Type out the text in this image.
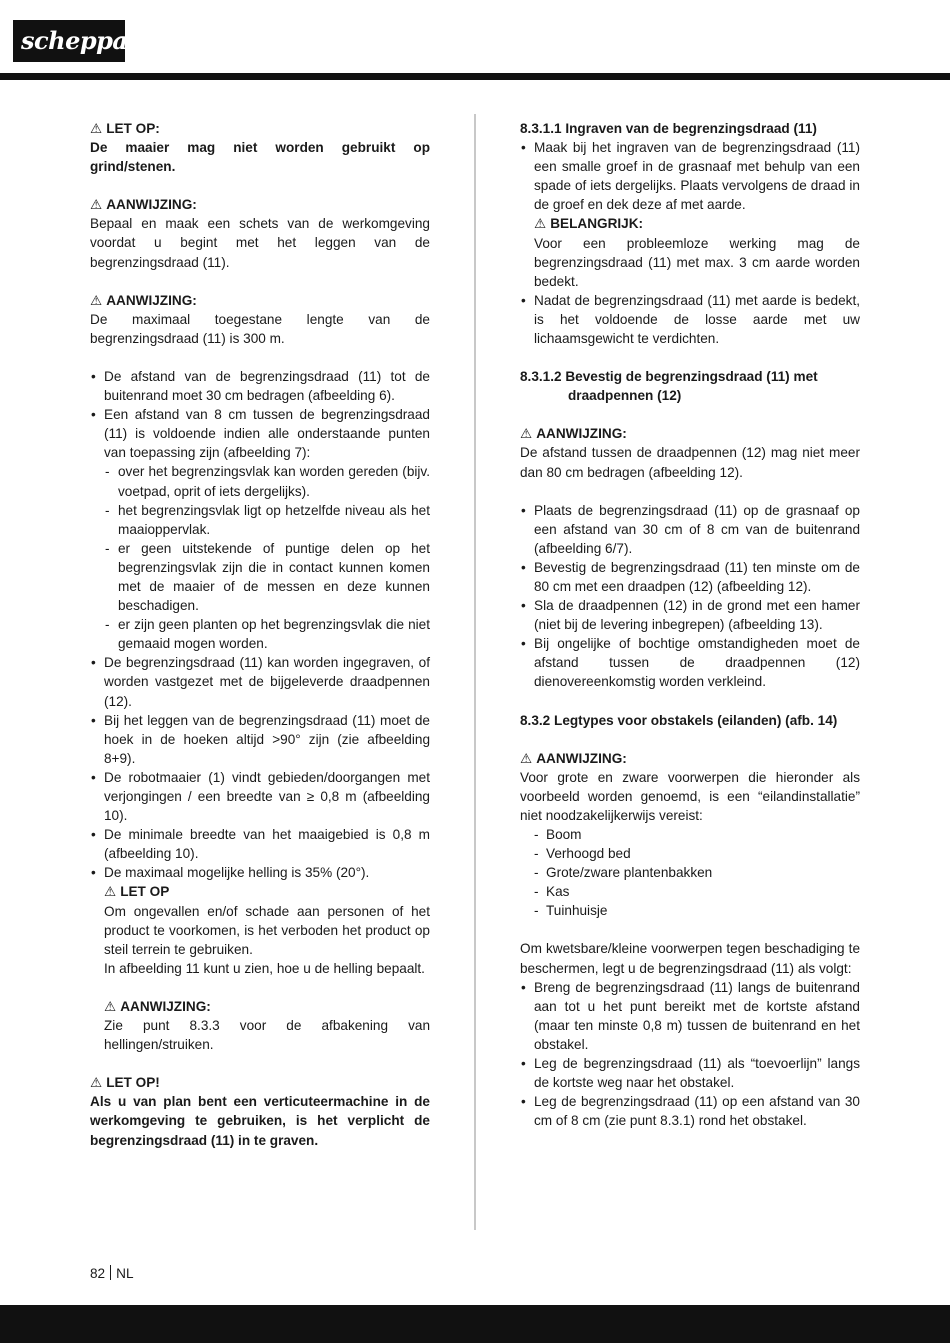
scheppach

⚠ LET OP:

De maaier mag niet worden gebruikt op grind/stenen.

⚠ AANWIJZING:

Bepaal en maak een schets van de werkomgeving voordat u begint met het leggen van de begrenzingsdraad (11).

⚠ AANWIJZING:

De maximaal toegestane lengte van de begrenzingsdraad (11) is 300 m.

• De afstand van de begrenzingsdraad (11) tot de buitenrand moet 30 cm bedragen (afbeelding 6).
• Een afstand van 8 cm tussen de begrenzingsdraad (11) is voldoende indien alle onderstaande punten van toepassing zijn (afbeelding 7):
- over het begrenzingsvlak kan worden gereden (bijv. voetpad, oprit of iets dergelijks).
- het begrenzingsvlak ligt op hetzelfde niveau als het maaioppervlak.
- er geen uitstekende of puntige delen op het begrenzingsvlak zijn die in contact kunnen komen met de maaier of de messen en deze kunnen beschadigen.
- er zijn geen planten op het begrenzingsvlak die niet gemaaid mogen worden.
• De begrenzingsdraad (11) kan worden ingegraven, of worden vastgezet met de bijgeleverde draadpennen (12).
• Bij het leggen van de begrenzingsdraad (11) moet de hoek in de hoeken altijd >90° zijn (zie afbeelding 8+9).
• De robotmaaier (1) vindt gebieden/doorgangen met verjongingen / een breedte van ≥ 0,8 m (afbeelding 10).
• De minimale breedte van het maaigebied is 0,8 m (afbeelding 10).
• De maximaal mogelijke helling is 35% (20°).

⚠ LET OP

Om ongevallen en/of schade aan personen of het product te voorkomen, is het verboden het product op steil terrein te gebruiken.

In afbeelding 11 kunt u zien, hoe u de helling bepaalt.

⚠ AANWIJZING:

Zie punt 8.3.3 voor de afbakening van hellingen/struiken.

⚠ LET OP!

Als u van plan bent een verticuteermachine in de werkomgeving te gebruiken, is het verplicht de begrenzingsdraad (11) in te graven.

8.3.1.1 Ingraven van de begrenzingsdraad (11)

• Maak bij het ingraven van de begrenzingsdraad (11) een smalle groef in de grasnaaf met behulp van een spade of iets dergelijks. Plaats vervolgens de draad in de groef en dek deze af met aarde.

⚠ BELANGRIJK:

Voor een probleemloze werking mag de begrenzingsdraad (11) met max. 3 cm aarde worden bedekt.

• Nadat de begrenzingsdraad (11) met aarde is bedekt, is het voldoende de losse aarde met uw lichaamsgewicht te verdichten.

8.3.1.2 Bevestig de begrenzingsdraad (11) met

draadpennen (12)

⚠ AANWIJZING:

De afstand tussen de draadpennen (12) mag niet meer dan 80 cm bedragen (afbeelding 12).

• Plaats de begrenzingsdraad (11) op de grasnaaf op een afstand van 30 cm of 8 cm van de buitenrand (afbeelding 6/7).
• Bevestig de begrenzingsdraad (11) ten minste om de 80 cm met een draadpen (12) (afbeelding 12).
• Sla de draadpennen (12) in de grond met een hamer (niet bij de levering inbegrepen) (afbeelding 13).
• Bij ongelijke of bochtige omstandigheden moet de afstand tussen de draadpennen (12) dienovereenkomstig worden verkleind.

8.3.2 Legtypes voor obstakels (eilanden) (afb. 14)

⚠ AANWIJZING:

Voor grote en zware voorwerpen die hieronder als voorbeeld worden genoemd, is een “eilandinstallatie” niet noodzakelijkerwijs vereist:

- Boom
- Verhoogd bed
- Grote/zware plantenbakken
- Kas
- Tuinhuisje

Om kwetsbare/kleine voorwerpen tegen beschadiging te beschermen, legt u de begrenzingsdraad (11) als volgt:

• Breng de begrenzingsdraad (11) langs de buitenrand aan tot u het punt bereikt met de kortste afstand (maar ten minste 0,8 m) tussen de buitenrand en het obstakel.
• Leg de begrenzingsdraad (11) als “toevoerlijn” langs de kortste weg naar het obstakel.
• Leg de begrenzingsdraad (11) op een afstand van 30 cm of 8 cm (zie punt 8.3.1) rond het obstakel.
82 NL
